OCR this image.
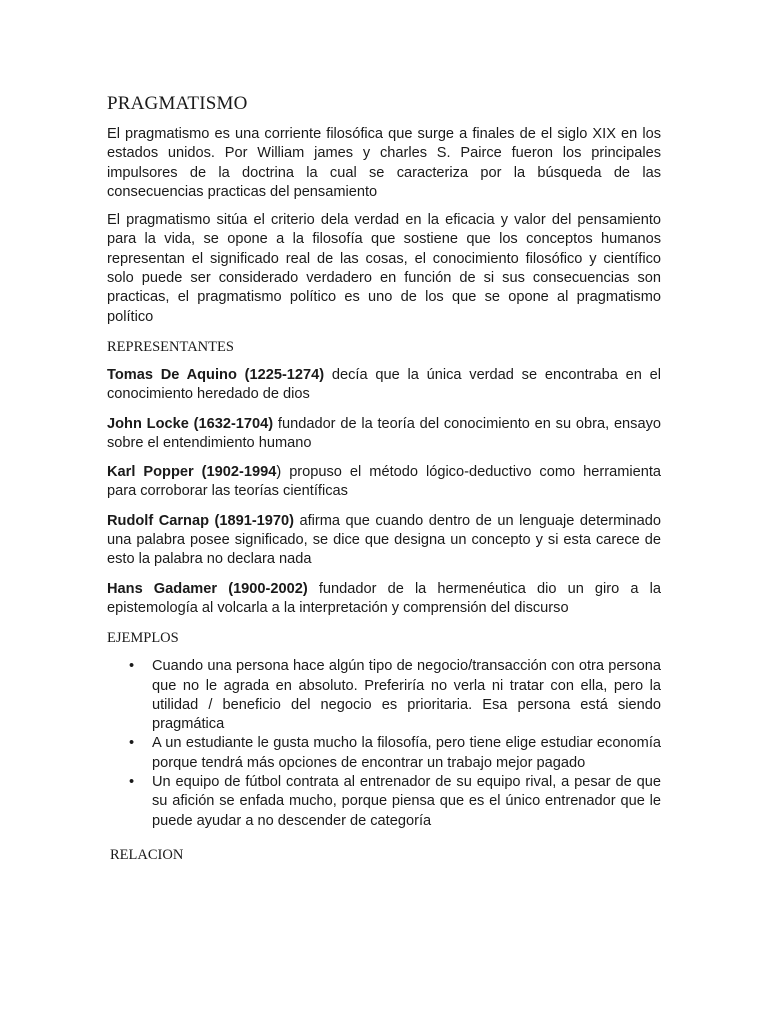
PRAGMATISMO

El pragmatismo es una corriente filosófica que surge a finales de el siglo XIX en los estados unidos. Por William james y charles S. Pairce fueron los principales impulsores de la doctrina la cual se caracteriza por la búsqueda de las consecuencias practicas del pensamiento

El pragmatismo sitúa el criterio dela verdad en la eficacia y valor del pensamiento para la vida, se opone a la filosofía que sostiene que los conceptos humanos representan el significado real de las cosas, el conocimiento filosófico y científico solo puede ser considerado verdadero en función de si sus consecuencias son practicas, el pragmatismo político es uno de los que se opone al pragmatismo político

REPRESENTANTES

Tomas De Aquino (1225-1274) decía que la única verdad se encontraba en el conocimiento heredado de dios

John Locke (1632-1704) fundador de la teoría del conocimiento en su obra, ensayo sobre el entendimiento humano

Karl Popper (1902-1994) propuso el método lógico-deductivo como herramienta para corroborar las teorías científicas

Rudolf Carnap (1891-1970) afirma que cuando dentro de un lenguaje determinado una palabra posee significado, se dice que designa un concepto y si esta carece de esto la palabra no declara nada

Hans Gadamer (1900-2002) fundador de la hermenéutica dio un giro a la epistemología al volcarla a la interpretación y comprensión del discurso

EJEMPLOS
• Cuando una persona hace algún tipo de negocio/transacción con otra persona que no le agrada en absoluto. Preferiría no verla ni tratar con ella, pero la utilidad / beneficio del negocio es prioritaria. Esa persona está siendo pragmática
• A un estudiante le gusta mucho la filosofía, pero tiene elige estudiar economía porque tendrá más opciones de encontrar un trabajo mejor pagado
• Un equipo de fútbol contrata al entrenador de su equipo rival, a pesar de que su afición se enfada mucho, porque piensa que es el único entrenador que le puede ayudar a no descender de categoría
RELACION
